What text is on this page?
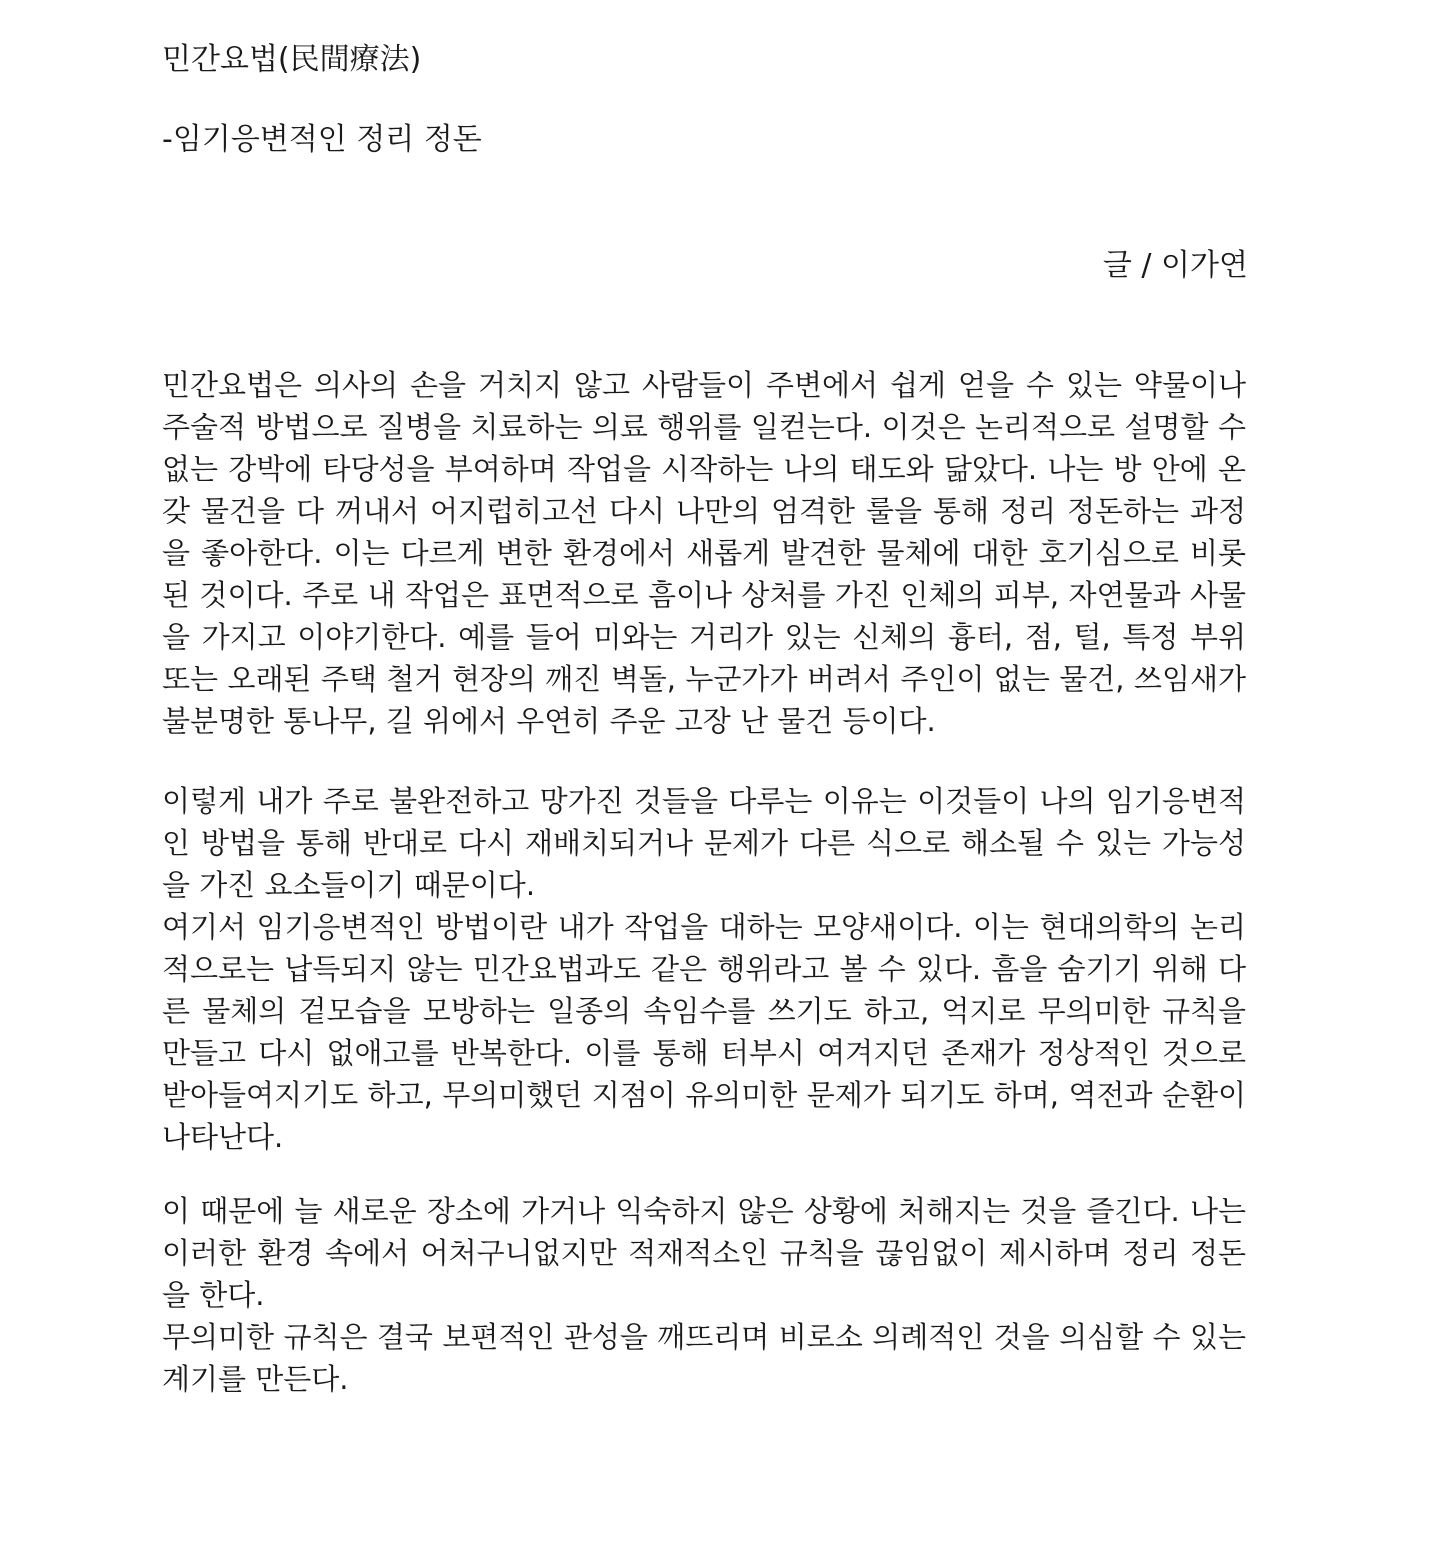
민간요법(民間療法)
-임기응변적인 정리 정돈
글 / 이가연
민간요법은 의사의 손을 거치지 않고 사람들이 주변에서 쉽게 얻을 수 있는 약물이나 주술적 방법으로 질병을 치료하는 의료 행위를 일컫는다. 이것은 논리적으로 설명할 수 없는 강박에 타당성을 부여하며 작업을 시작하는 나의 태도와 닮았다. 나는 방 안에 온갖 물건을 다 꺼내서 어지럽히고선 다시 나만의 엄격한 룰을 통해 정리 정돈하는 과정을 좋아한다. 이는 다르게 변한 환경에서 새롭게 발견한 물체에 대한 호기심으로 비롯된 것이다. 주로 내 작업은 표면적으로 흠이나 상처를 가진 인체의 피부, 자연물과 사물을 가지고 이야기한다. 예를 들어 미와는 거리가 있는 신체의 흉터, 점, 털, 특정 부위 또는 오래된 주택 철거 현장의 깨진 벽돌, 누군가가 버려서 주인이 없는 물건, 쓰임새가 불분명한 통나무, 길 위에서 우연히 주운 고장 난 물건 등이다.
이렇게 내가 주로 불완전하고 망가진 것들을 다루는 이유는 이것들이 나의 임기응변적인 방법을 통해 반대로 다시 재배치되거나 문제가 다른 식으로 해소될 수 있는 가능성을 가진 요소들이기 때문이다.
여기서 임기응변적인 방법이란 내가 작업을 대하는 모양새이다. 이는 현대의학의 논리적으로는 납득되지 않는 민간요법과도 같은 행위라고 볼 수 있다. 흠을 숨기기 위해 다른 물체의 겉모습을 모방하는 일종의 속임수를 쓰기도 하고, 억지로 무의미한 규칙을 만들고 다시 없애고를 반복한다. 이를 통해 터부시 여겨지던 존재가 정상적인 것으로 받아들여지기도 하고, 무의미했던 지점이 유의미한 문제가 되기도 하며, 역전과 순환이 나타난다.
이 때문에 늘 새로운 장소에 가거나 익숙하지 않은 상황에 처해지는 것을 즐긴다. 나는 이러한 환경 속에서 어처구니없지만 적재적소인 규칙을 끊임없이 제시하며 정리 정돈을 한다.
무의미한 규칙은 결국 보편적인 관성을 깨뜨리며 비로소 의례적인 것을 의심할 수 있는 계기를 만든다.
